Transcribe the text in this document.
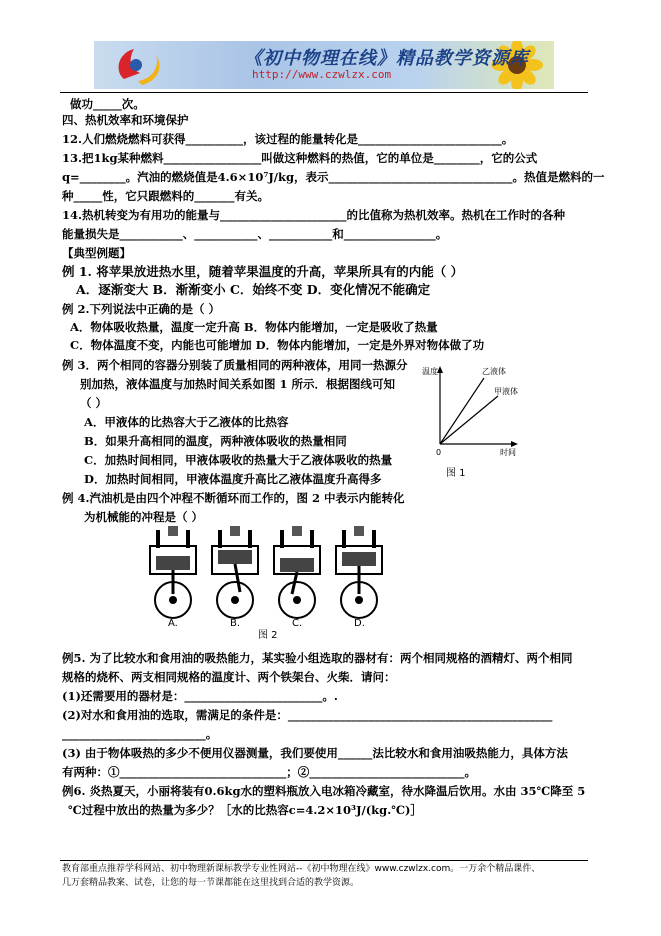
《初中物理在线》精品教学资源库
http://www.czwlzx.com
做功_____次。
四、热机效率和环境保护
12.人们燃烧燃料可获得__________，该过程的能量转化是_________________________。
13.把1kg某种燃料_________________叫做这种燃料的热值，它的单位是________，它的公式
q=________。汽油的燃烧值是4.6×10⁷J/kg，表示________________________________。热值是燃料的一
种_____性，它只跟燃料的_______有关。
14.热机转变为有用功的能量与______________________的比值称为热机效率。热机在工作时的各种
能量损失是___________、___________、___________和________________。
【典型例题】
例 1. 将苹果放进热水里，随着苹果温度的升高，苹果所具有的内能（ ）
A．逐渐变大 B．渐渐变小 C．始终不变 D．变化情况不能确定
例 2.下列说法中正确的是（ ）
A．物体吸收热量，温度一定升高 B．物体内能增加，一定是吸收了热量
C．物体温度不变，内能也可能增加 D．物体内能增加，一定是外界对物体做了功
例 3．两个相同的容器分别装了质量相同的两种液体，用同一热源分
别加热，液体温度与加热时间关系如图 1 所示．根据图线可知
（ ）
A．甲液体的比热容大于乙液体的比热容
B．如果升高相同的温度，两种液体吸收的热量相同
C．加热时间相同，甲液体吸收的热量大于乙液体吸收的热量
D．加热时间相同，甲液体温度升高比乙液体温度升高得多
例 4.汽油机是由四个冲程不断循环而工作的，图 2 中表示内能转化
为机械能的冲程是（ ）
温度	乙液体
甲液体
0	时间
图 1
A.	B.	C.	D.
图 2
例5. 为了比较水和食用油的吸热能力，某实验小组选取的器材有：两个相同规格的酒精灯、两个相同
规格的烧杯、两支相同规格的温度计、两个铁架台、火柴．请问：
(1)还需要用的器材是：________________________。.
(2)对水和食用油的选取，需满足的条件是：______________________________________________
_________________________。
(3) 由于物体吸热的多少不便用仪器测量，我们要使用______法比较水和食用油吸热能力，具体方法
有两种：①_____________________________；②___________________________。
例6. 炎热夏天，小丽将装有0.6kg水的塑料瓶放入电冰箱冷藏室，待水降温后饮用。水由 35℃降至 5
℃过程中放出的热量为多少？［水的比热容c=4.2×10³J/(kg.℃)］
教育部重点推荐学科网站、初中物理新课标教学专业性网站--《初中物理在线》www.czwlzx.com。一万余个精品课件、
几万套精品教案、试卷，让您的每一节课都能在这里找到合适的教学资源。
